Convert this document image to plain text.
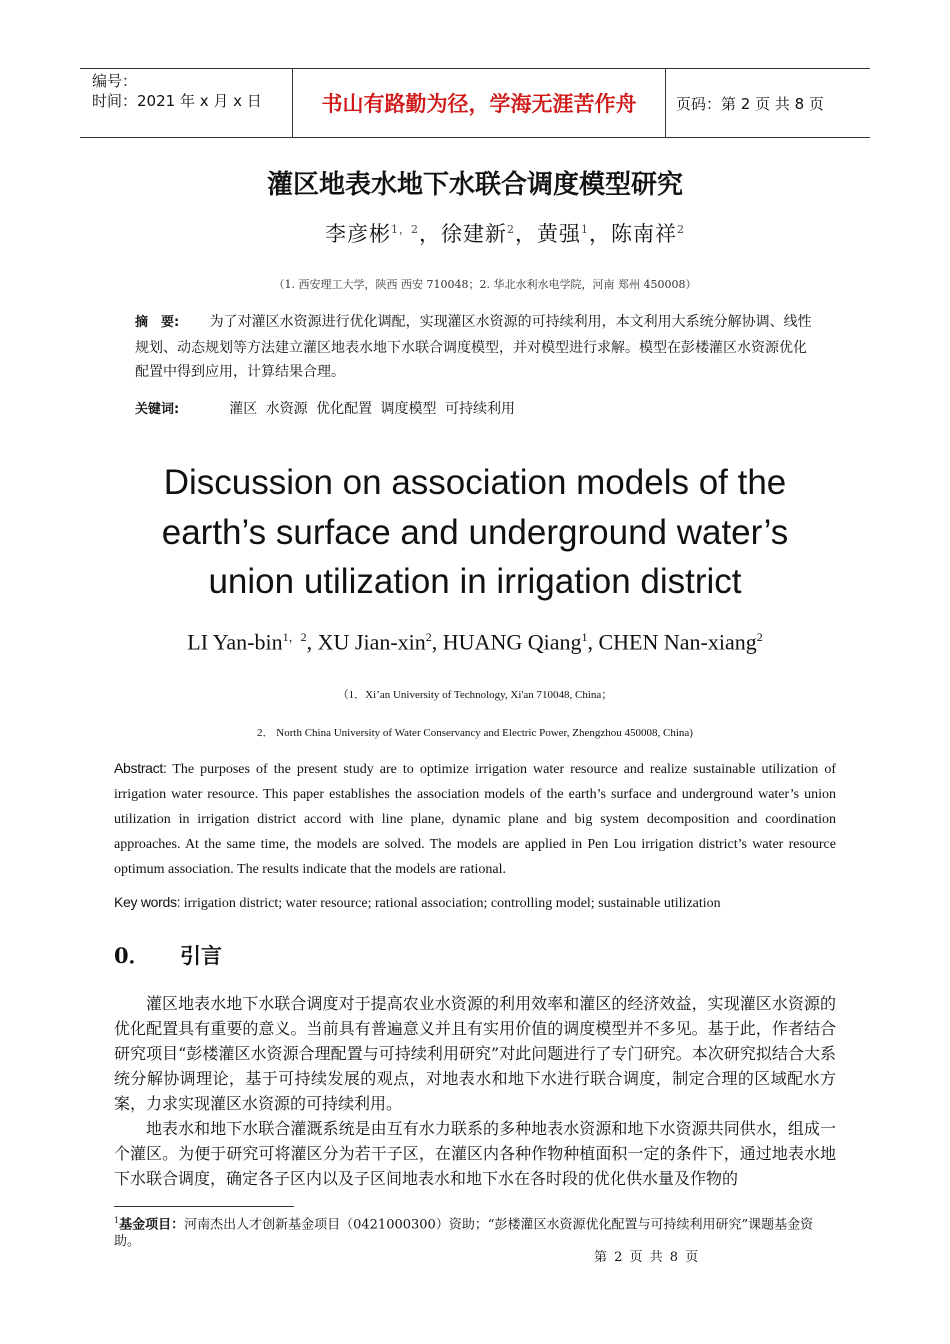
编号：
时间：2021 年 x 月 x 日	书山有路勤为径，学海无涯苦作舟	页码：第 2 页 共 8 页
灌区地表水地下水联合调度模型研究
李彦彬$^{1,2}$，徐建新$^2$，黄强$^1$，陈南祥$^2$
（1. 西安理工大学，陕西 西安 710048；2. 华北水利水电学院，河南 郑州 450008）
摘　要: 为了对灌区水资源进行优化调配，实现灌区水资源的可持续利用，本文利用大系统分解协调、线性规划、动态规划等方法建立灌区地表水地下水联合调度模型，并对模型进行求解。模型在彭楼灌区水资源优化配置中得到应用，计算结果合理。
关键词:	灌区 水资源 优化配置 调度模型 可持续利用
Discussion on association models of the
earth’s surface and underground water’s
union utilization in irrigation district
LI Yan-bin$^{1,2}$, XU Jian-xin$^2$, HUANG Qiang$^1$, CHEN Nan-xiang$^2$
（1．Xi’an University of Technology, Xi'an 710048, China；
2． North China University of Water Conservancy and Electric Power, Zhengzhou 450008, China)
Abstract: The purposes of the present study are to optimize irrigation water resource and realize sustainable utilization of irrigation water resource. This paper establishes the association models of the earth’s surface and underground water’s union utilization in irrigation district accord with line plane, dynamic plane and big system decomposition and coordination approaches. At the same time, the models are solved. The models are applied in Pen Lou irrigation district’s water resource optimum association. The results indicate that the models are rational.
Key words: irrigation district; water resource; rational association; controlling model; sustainable utilization
0． 引言

灌区地表水地下水联合调度对于提高农业水资源的利用效率和灌区的经济效益，实现灌区水资源的优化配置具有重要的意义。当前具有普遍意义并且有实用价值的调度模型并不多见。基于此，作者结合研究项目“彭楼灌区水资源合理配置与可持续利用研究”对此问题进行了专门研究。本次研究拟结合大系统分解协调理论，基于可持续发展的观点，对地表水和地下水进行联合调度，制定合理的区域配水方案，力求实现灌区水资源的可持续利用。

地表水和地下水联合灌溉系统是由互有水力联系的多种地表水资源和地下水资源共同供水，组成一个灌区。为便于研究可将灌区分为若干子区，在灌区内各种作物种植面积一定的条件下，通过地表水地下水联合调度，确定各子区内以及子区间地表水和地下水在各时段的优化供水量及作物的

$^1$基金项目：河南杰出人才创新基金项目（0421000300）资助；“彭楼灌区水资源优化配置与可持续利用研究”课题基金资助。
第 2 页 共 8 页
